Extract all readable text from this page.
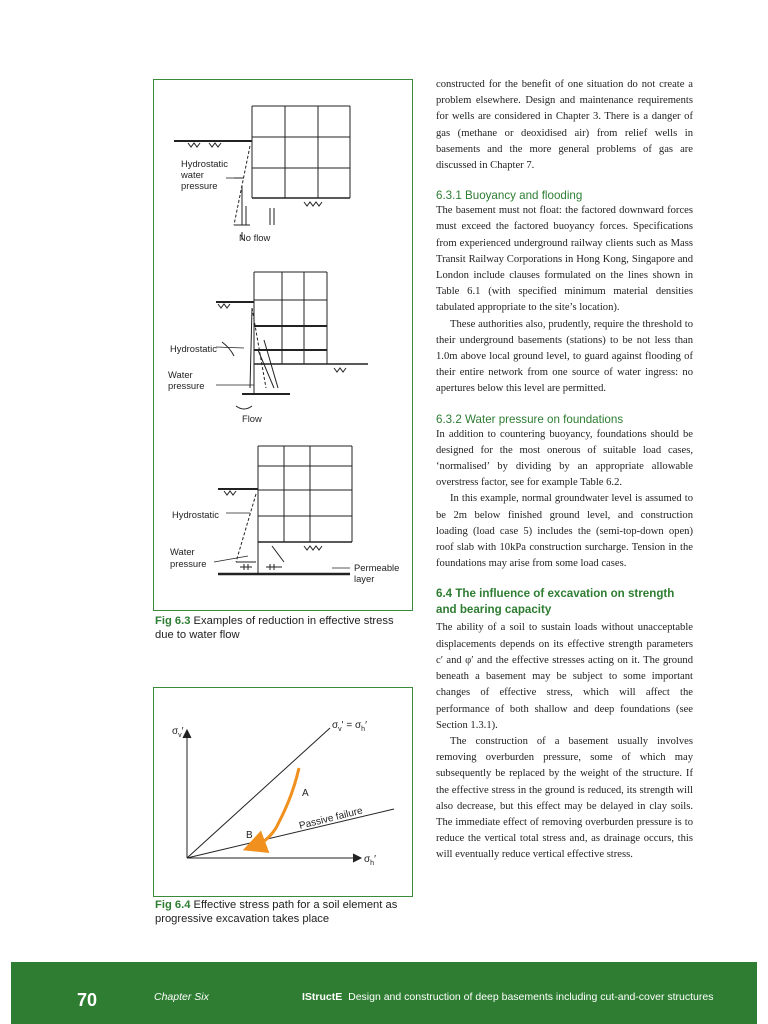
Hydrostatic
water
pressure
No flow
Hydrostatic
Water
pressure
Flow
Hydrostatic
Water
pressure	Permeable
layer
Fig 6.3 Examples of reduction in effective stress due to water flow
$\sigma_v'$
$\sigma_v' = \sigma_h'$
A
B
Passive failure
$\sigma_h'$
Fig 6.4 Effective stress path for a soil element as progressive excavation takes place

constructed for the benefit of one situation do not create a problem elsewhere. Design and maintenance requirements for wells are considered in Chapter 3. There is a danger of gas (methane or deoxidised air) from relief wells in basements and the more general problems of gas are discussed in Chapter 7.

6.3.1 Buoyancy and flooding

The basement must not float: the factored downward forces must exceed the factored buoyancy forces. Specifications from experienced underground railway clients such as Mass Transit Railway Corporations in Hong Kong, Singapore and London include clauses formulated on the lines shown in Table 6.1 (with specified minimum material densities tabulated appropriate to the site’s location).

These authorities also, prudently, require the threshold to their underground basements (stations) to be not less than 1.0m above local ground level, to guard against flooding of their entire network from one source of water ingress: no apertures below this level are permitted.

6.3.2 Water pressure on foundations

In addition to countering buoyancy, foundations should be designed for the most onerous of suitable load cases, ‘normalised’ by dividing by an appropriate allowable overstress factor, see for example Table 6.2.

In this example, normal groundwater level is assumed to be 2m below finished ground level, and construction loading (load case 5) includes the (semi-top-down open) roof slab with 10kPa construction surcharge. Tension in the foundations may arise from some load cases.

6.4 The influence of excavation on strength and bearing capacity

The ability of a soil to sustain loads without unacceptable displacements depends on its effective strength parameters c′ and φ′ and the effective stresses acting on it. The ground beneath a basement may be subject to some important changes of effective stress, which will affect the performance of both shallow and deep foundations (see Section 1.3.1).

The construction of a basement usually involves removing overburden pressure, some of which may subsequently be replaced by the weight of the structure. If the effective stress in the ground is reduced, its strength will also decrease, but this effect may be delayed in clay soils. The immediate effect of removing overburden pressure is to reduce the vertical total stress and, as drainage occurs, this will eventually reduce vertical effective stress.

70	Chapter Six	IStructE Design and construction of deep basements including cut-and-cover structures
